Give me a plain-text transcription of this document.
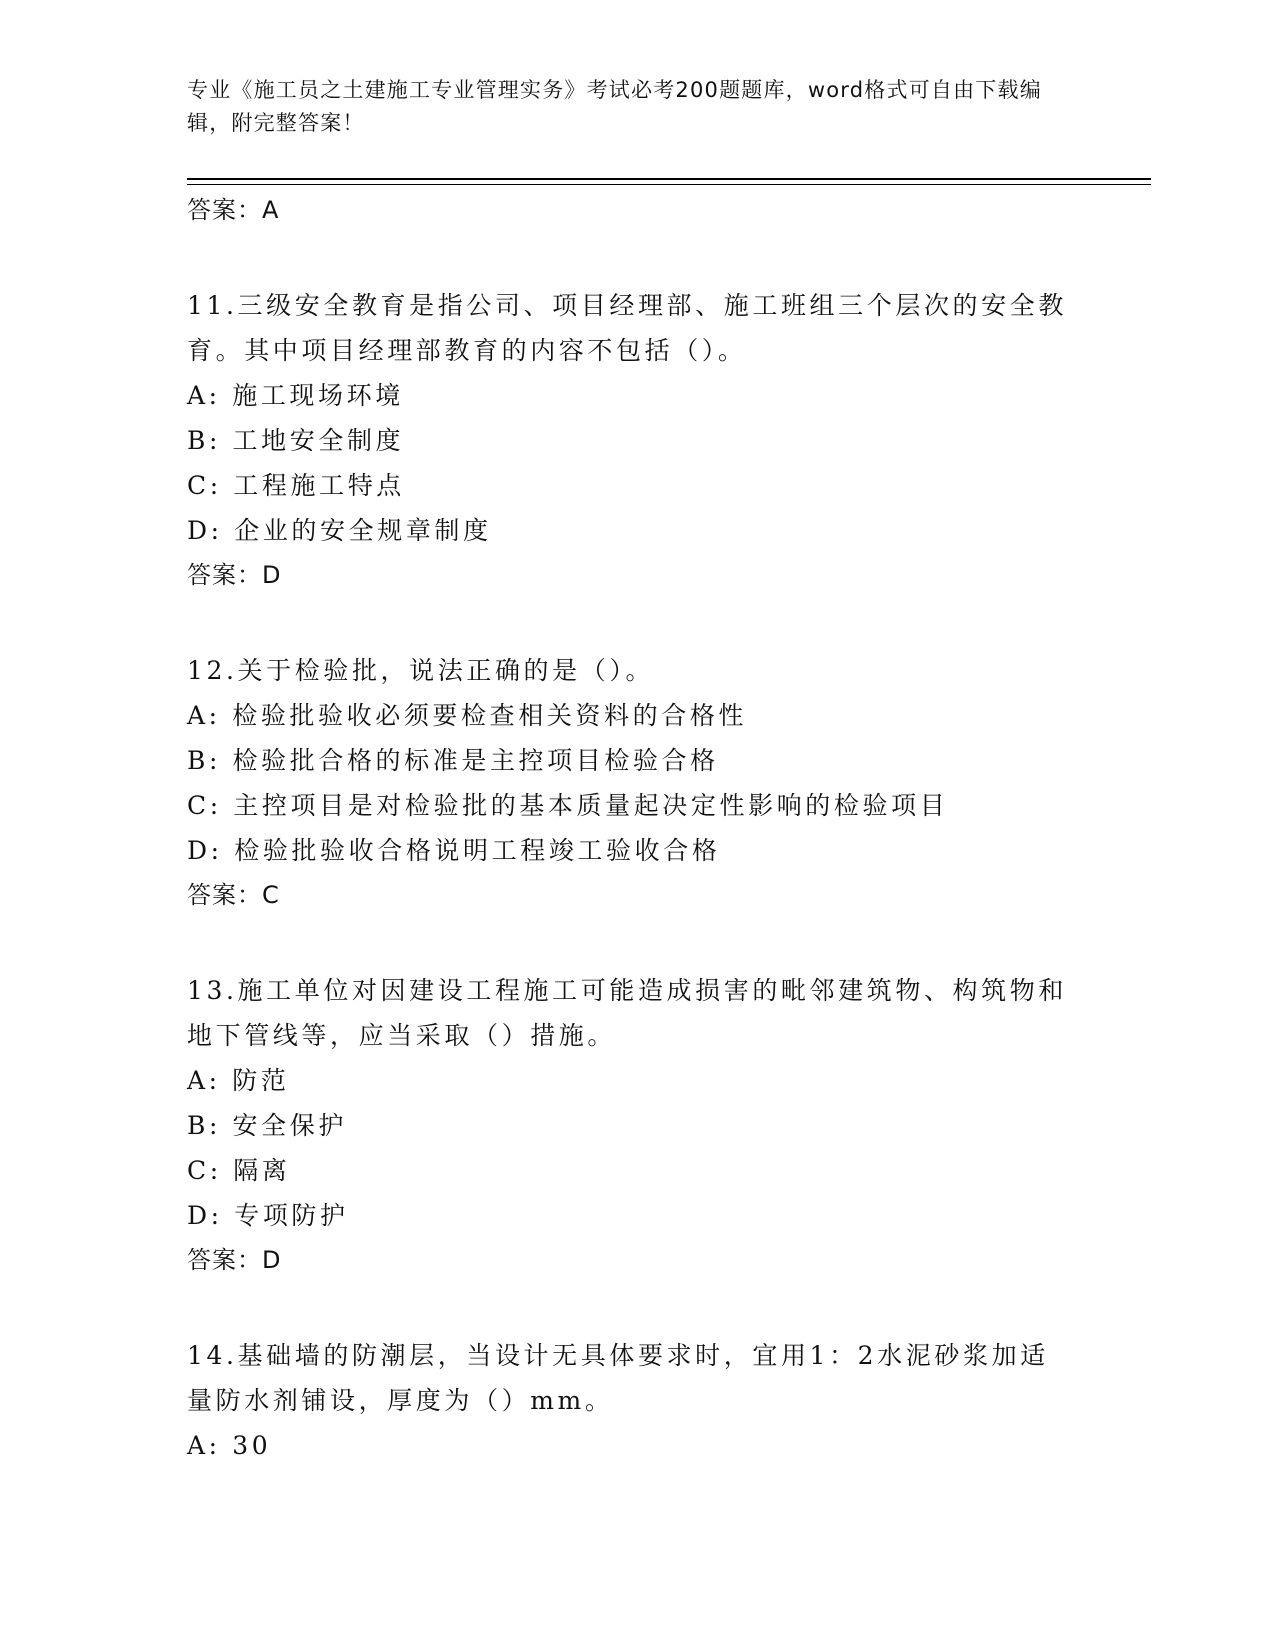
专业《施工员之土建施工专业管理实务》考试必考200题题库，word格式可自由下载编辑，附完整答案！
答案：A
11.三级安全教育是指公司、项目经理部、施工班组三个层次的安全教育。其中项目经理部教育的内容不包括（）。
A: 施工现场环境
B: 工地安全制度
C: 工程施工特点
D: 企业的安全规章制度
答案：D
12.关于检验批，说法正确的是（）。
A: 检验批验收必须要检查相关资料的合格性
B: 检验批合格的标准是主控项目检验合格
C: 主控项目是对检验批的基本质量起决定性影响的检验项目
D: 检验批验收合格说明工程竣工验收合格
答案：C
13.施工单位对因建设工程施工可能造成损害的毗邻建筑物、构筑物和地下管线等，应当采取（）措施。
A: 防范
B: 安全保护
C: 隔离
D: 专项防护
答案：D
14.基础墙的防潮层，当设计无具体要求时，宜用1：2水泥砂浆加适量防水剂铺设，厚度为（）mm。
A: 30
